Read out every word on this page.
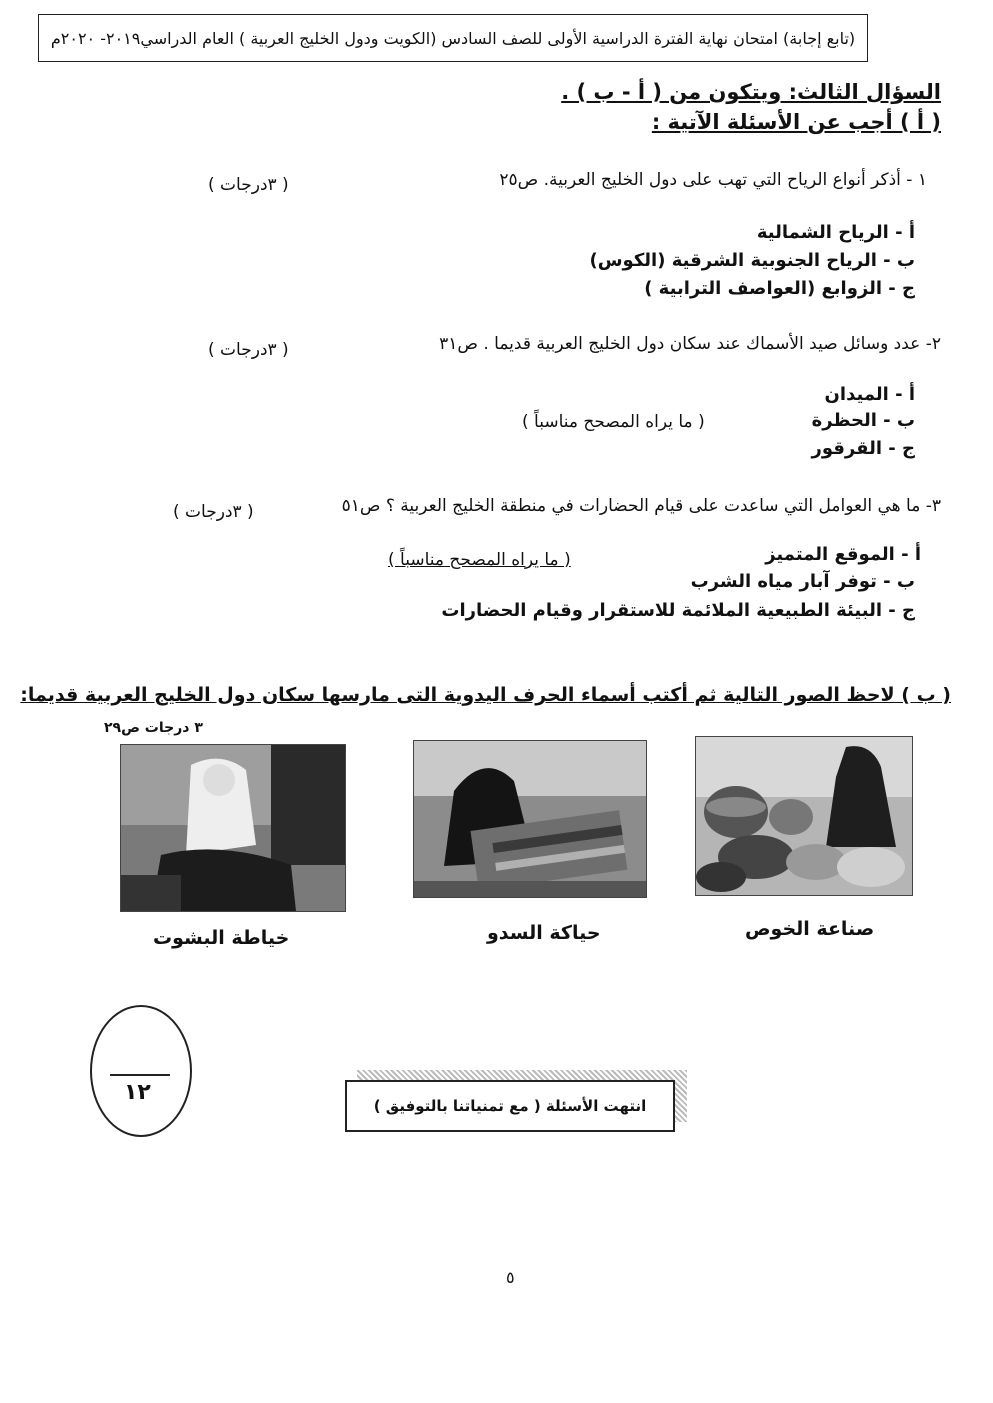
(تابع إجابة) امتحان نهاية الفترة الدراسية الأولى للصف السادس (الكويت ودول الخليج العربية ) العام الدراسي٢٠١٩- ٢٠٢٠م
السؤال الثالث: ويتكون من ( أ - ب ) .
( أ ) أجب عن الأسئلة الآتية :
١ - أذكر أنواع الرياح التي تهب على دول الخليج العربية. ص٢٥
( ٣درجات )
أ - الرياح الشمالية
ب - الرياح الجنوبية الشرقية (الكوس)
ج - الزوابع (العواصف الترابية )
٢- عدد وسائل صيد الأسماك عند سكان دول الخليج العربية قديما . ص٣١
( ٣درجات )
أ - الميدان
ب - الحظرة
ج - القرقور
( ما يراه المصحح مناسباً )
٣- ما هي العوامل التي ساعدت على قيام الحضارات في منطقة الخليج العربية ؟ ص٥١
( ٣درجات )
أ - الموقع المتميز
ب - توفر آبار مياه الشرب
ج - البيئة الطبيعية الملائمة للاستقرار وقيام الحضارات
( ما يراه المصحح مناسباً )
( ب ) لاحظ الصور التالية ثم أكتب أسماء الحرف اليدوية التى مارسها سكان دول الخليج العربية قديما:
٣ درجات ص٢٩
صناعة الخوص
حياكة السدو
خياطة البشوت
١٢
انتهت الأسئلة ( مع تمنياتنا بالتوفيق )
٥
